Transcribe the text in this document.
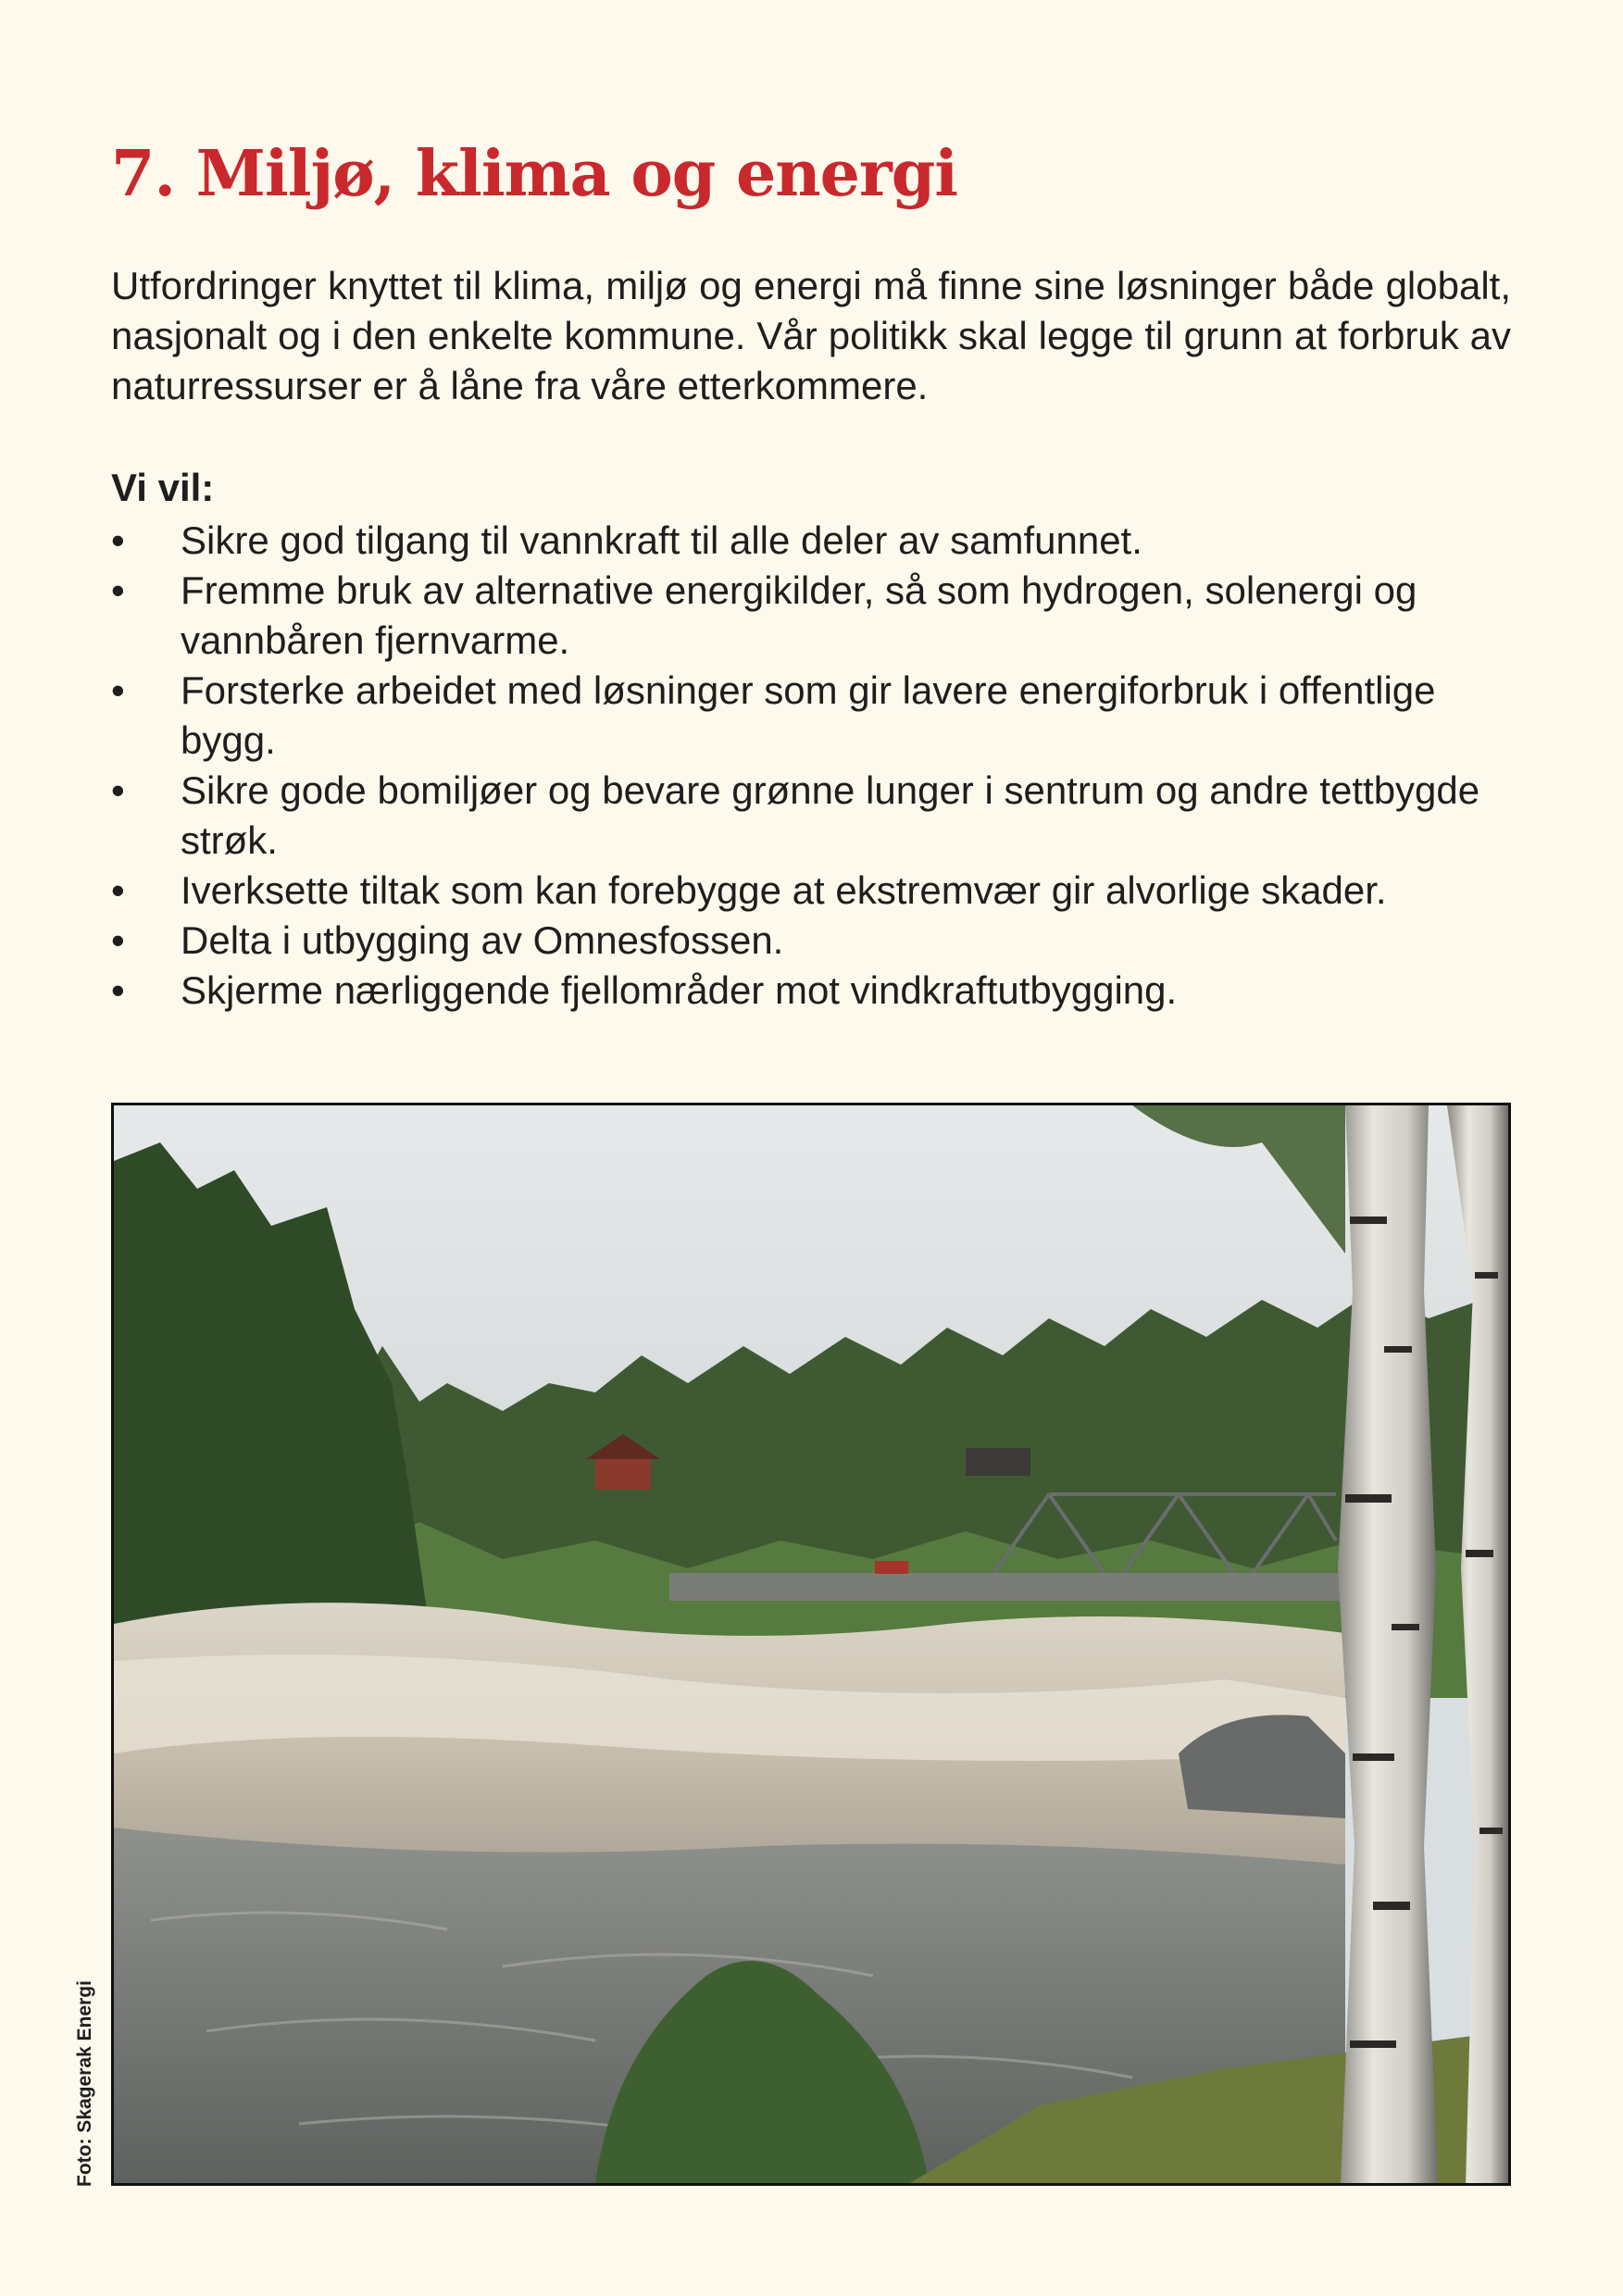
7. Miljø, klima og energi

Utfordringer knyttet til klima, miljø og energi må finne sine løsninger både globalt, nasjonalt og i den enkelte kommune. Vår politikk skal legge til grunn at forbruk av naturressurser er å låne fra våre etterkommere.

Vi vil:

•	Sikre god tilgang til vannkraft til alle deler av samfunnet.
•	Fremme bruk av alternative energikilder, så som hydrogen, solenergi og vannbåren fjernvarme.
•	Forsterke arbeidet med løsninger som gir lavere energiforbruk i offentlige bygg.
•	Sikre gode bomiljøer og bevare grønne lunger i sentrum og andre tettbygde strøk.
•	Iverksette tiltak som kan forebygge at ekstremvær gir alvorlige skader.
•	Delta i utbygging av Omnesfossen.
•	Skjerme nærliggende fjellområder mot vindkraftutbygging.
Foto: Skagerak Energi
